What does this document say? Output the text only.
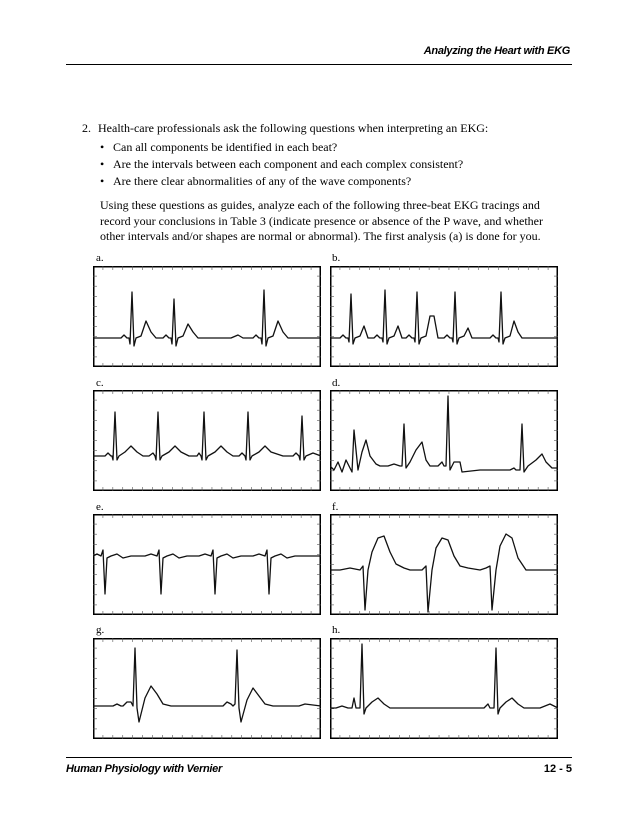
Analyzing the Heart with EKG
2. Health-care professionals ask the following questions when interpreting an EKG:
• Can all components be identified in each beat?
• Are the intervals between each component and each complex consistent?
• Are there clear abnormalities of any of the wave components?
Using these questions as guides, analyze each of the following three-beat EKG tracings and
record your conclusions in Table 3 (indicate presence or absence of the P wave, and whether
other intervals and/or shapes are normal or abnormal). The first analysis (a) is done for you.
a.	b.
c.	d.
e.	f.
g.	h.
Human Physiology with Vernier	12 - 5
